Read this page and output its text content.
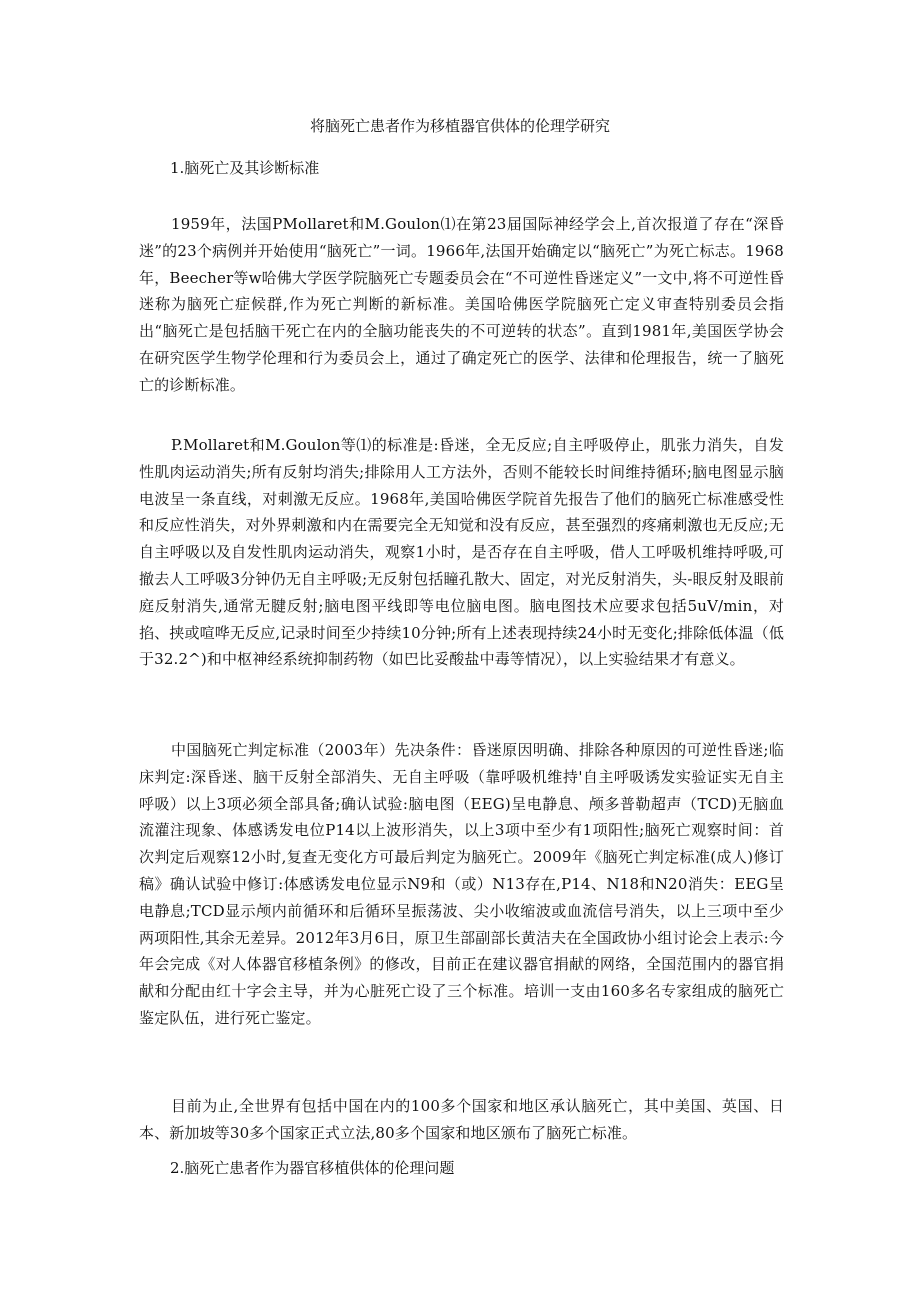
将脑死亡患者作为移植器官供体的伦理学研究
1.脑死亡及其诊断标准

1959年，法国PMollaret和M.Goulon⑴在第23届国际神经学会上,首次报道了存在“深昏迷”的23个病例并开始使用“脑死亡”一词。1966年,法国开始确定以“脑死亡”为死亡标志。1968年，Beecher等w哈佛大学医学院脑死亡专题委员会在“不可逆性昏迷定义”一文中,将不可逆性昏迷称为脑死亡症候群,作为死亡判断的新标准。美国哈佛医学院脑死亡定义审查特别委员会指出“脑死亡是包括脑干死亡在内的全脑功能丧失的不可逆转的状态”。直到1981年,美国医学协会在研究医学生物学伦理和行为委员会上，通过了确定死亡的医学、法律和伦理报告，统一了脑死亡的诊断标准。

P.Mollaret和M.Goulon等⑴的标准是:昏迷，全无反应;自主呼吸停止，肌张力消失，自发性肌肉运动消失;所有反射均消失;排除用人工方法外，否则不能较长时间维持循环;脑电图显示脑电波呈一条直线，对刺激无反应。1968年,美国哈佛医学院首先报告了他们的脑死亡标准感受性和反应性消失，对外界刺激和内在需要完全无知觉和没有反应，甚至强烈的疼痛刺激也无反应;无自主呼吸以及自发性肌肉运动消失，观察1小时，是否存在自主呼吸，借人工呼吸机维持呼吸,可撤去人工呼吸3分钟仍无自主呼吸;无反射包括瞳孔散大、固定，对光反射消失，头-眼反射及眼前庭反射消失,通常无腱反射;脑电图平线即等电位脑电图。脑电图技术应要求包括5uV/min，对掐、挟或喧哗无反应,记录时间至少持续10分钟;所有上述表现持续24小时无变化;排除低体温（低于32.2^)和中枢神经系统抑制药物（如巴比妥酸盐中毒等情况），以上实验结果才有意义。

中国脑死亡判定标准（2003年）先决条件：昏迷原因明确、排除各种原因的可逆性昏迷;临床判定:深昏迷、脑干反射全部消失、无自主呼吸（靠呼吸机维持'自主呼吸诱发实验证实无自主呼吸）以上3项必须全部具备;确认试验:脑电图（EEG)呈电静息、颅多普勒超声（TCD)无脑血流灌注现象、体感诱发电位P14以上波形消失，以上3项中至少有1项阳性;脑死亡观察时间：首次判定后观察12小时,复查无变化方可最后判定为脑死亡。2009年《脑死亡判定标准(成人)修订稿》确认试验中修订:体感诱发电位显示N9和（或）N13存在,P14、N18和N20消失：EEG呈电静息;TCD显示颅内前循环和后循环呈振荡波、尖小收缩波或血流信号消失，以上三项中至少两项阳性,其余无差异。2012年3月6日，原卫生部副部长黄洁夫在全国政协小组讨论会上表示:今年会完成《对人体器官移植条例》的修改，目前正在建议器官捐献的网络，全国范围内的器官捐献和分配由红十字会主导，并为心脏死亡设了三个标准。培训一支由160多名专家组成的脑死亡鉴定队伍，进行死亡鉴定。

目前为止,全世界有包括中国在内的100多个国家和地区承认脑死亡，其中美国、英国、日本、新加坡等30多个国家正式立法,80多个国家和地区颁布了脑死亡标准。

2.脑死亡患者作为器官移植供体的伦理问题
